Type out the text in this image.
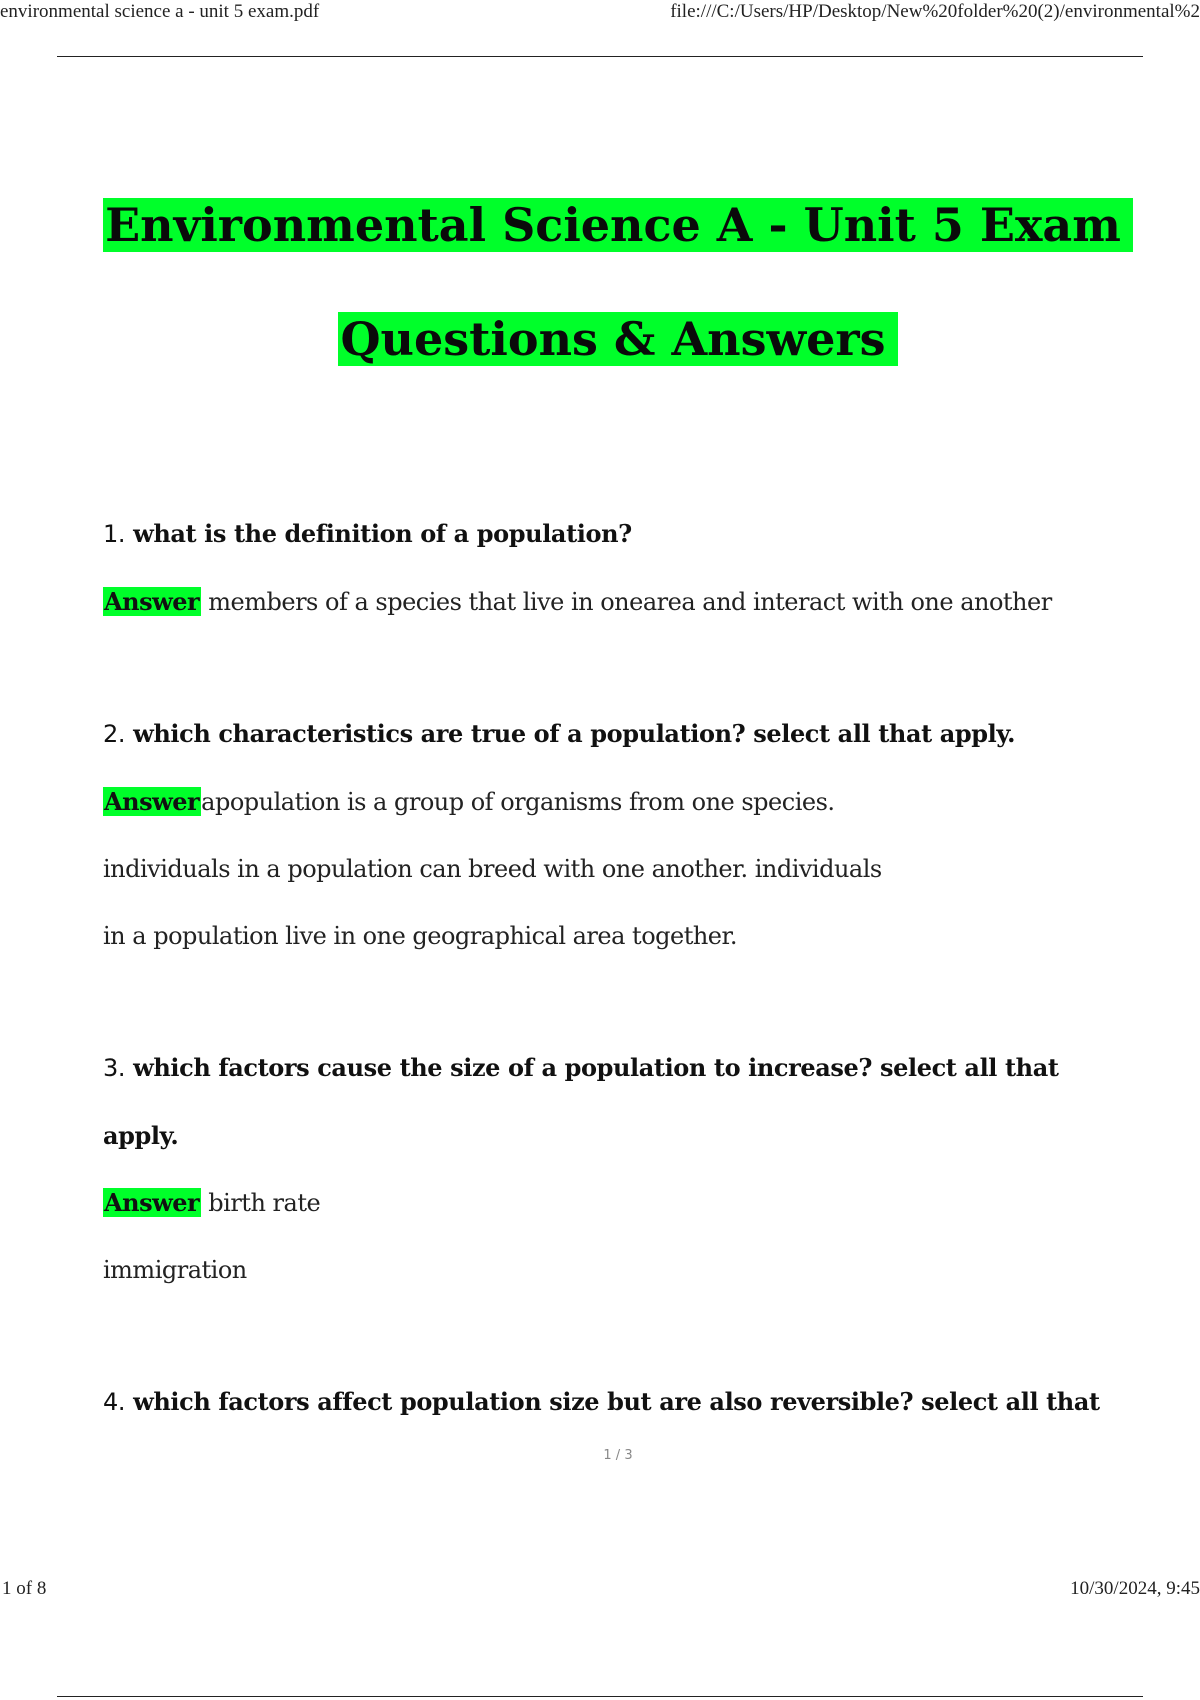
environmental science a - unit 5 exam.pdf	file:///C:/Users/HP/Desktop/New%20folder%20(2)/environmental%2
Environmental Science A - Unit 5 Exam
Questions & Answers

1. what is the definition of a population?

Answer members of a species that live in onearea and interact with one another

2. which characteristics are true of a population? select all that apply.

Answerapopulation is a group of organisms from one species.

individuals in a population can breed with one another. individuals

in a population live in one geographical area together.

3. which factors cause the size of a population to increase? select all that

apply.

Answer birth rate

immigration

4. which factors affect population size but are also reversible? select all that

1 / 3
1 of 8	10/30/2024, 9:45
